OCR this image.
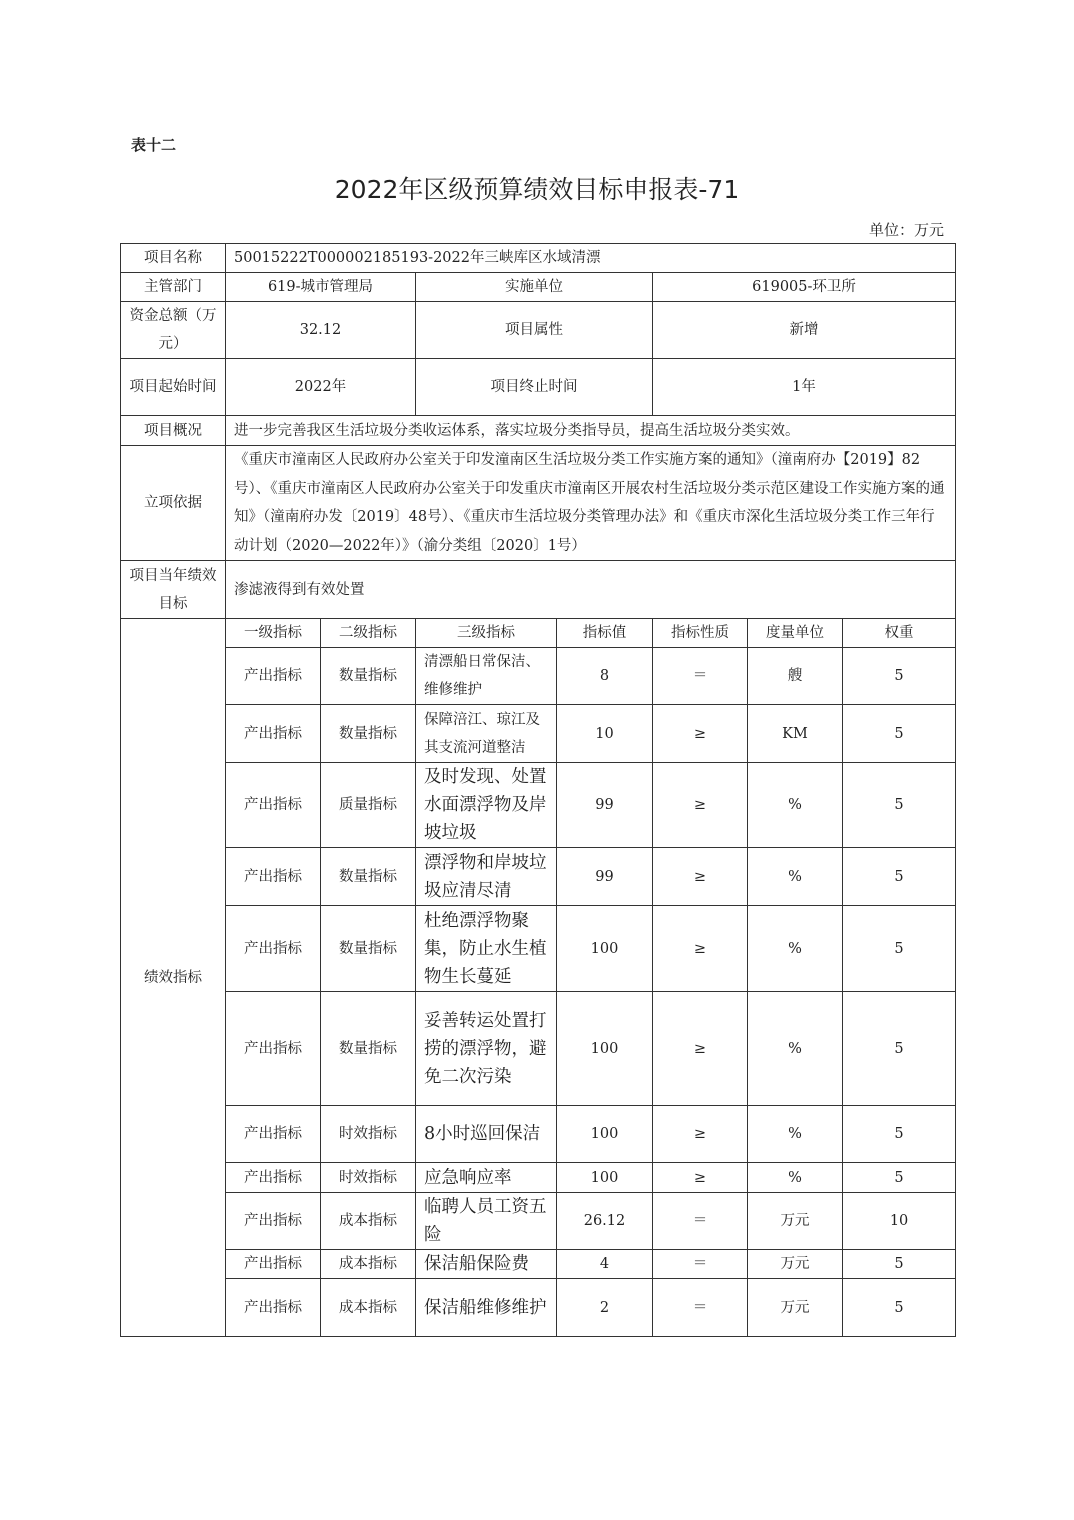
表十二
2022年区级预算绩效目标申报表-71
单位：万元
项目名称	50015222T000002185193-2022年三峡库区水域清漂						
主管部门	619-城市管理局		实施单位		619005-环卫所		
资金总额（万元）	32.12		项目属性		新增		
项目起始时间	2022年		项目终止时间		1年		
项目概况	进一步完善我区生活垃圾分类收运体系，落实垃圾分类指导员，提高生活垃圾分类实效。						
立项依据	《重庆市潼南区人民政府办公室关于印发潼南区生活垃圾分类工作实施方案的通知》（潼南府办【2019】82号）、《重庆市潼南区人民政府办公室关于印发重庆市潼南区开展农村生活垃圾分类示范区建设工作实施方案的通知》（潼南府办发〔2019〕48号）、《重庆市生活垃圾分类管理办法》和《重庆市深化生活垃圾分类工作三年行动计划（2020—2022年）》（渝分类组〔2020〕1号）						
项目当年绩效目标	渗滤液得到有效处置						
绩效指标	一级指标	二级指标	三级指标	指标值	指标性质	度量单位	权重
	产出指标	数量指标	清漂船日常保洁、维修维护	8	＝	艘	5
	产出指标	数量指标	保障涪江、琼江及其支流河道整洁	10	≥	KM	5
	产出指标	质量指标	及时发现、处置水面漂浮物及岸坡垃圾	99	≥	%	5
	产出指标	数量指标	漂浮物和岸坡垃圾应清尽清	99	≥	%	5
	产出指标	数量指标	杜绝漂浮物聚集，防止水生植物生长蔓延	100	≥	%	5
	产出指标	数量指标	妥善转运处置打捞的漂浮物，避免二次污染	100	≥	%	5
	产出指标	时效指标	8小时巡回保洁	100	≥	%	5
	产出指标	时效指标	应急响应率	100	≥	%	5
	产出指标	成本指标	临聘人员工资五险	26.12	＝	万元	10
	产出指标	成本指标	保洁船保险费	4	＝	万元	5
	产出指标	成本指标	保洁船维修维护	2	＝	万元	5
